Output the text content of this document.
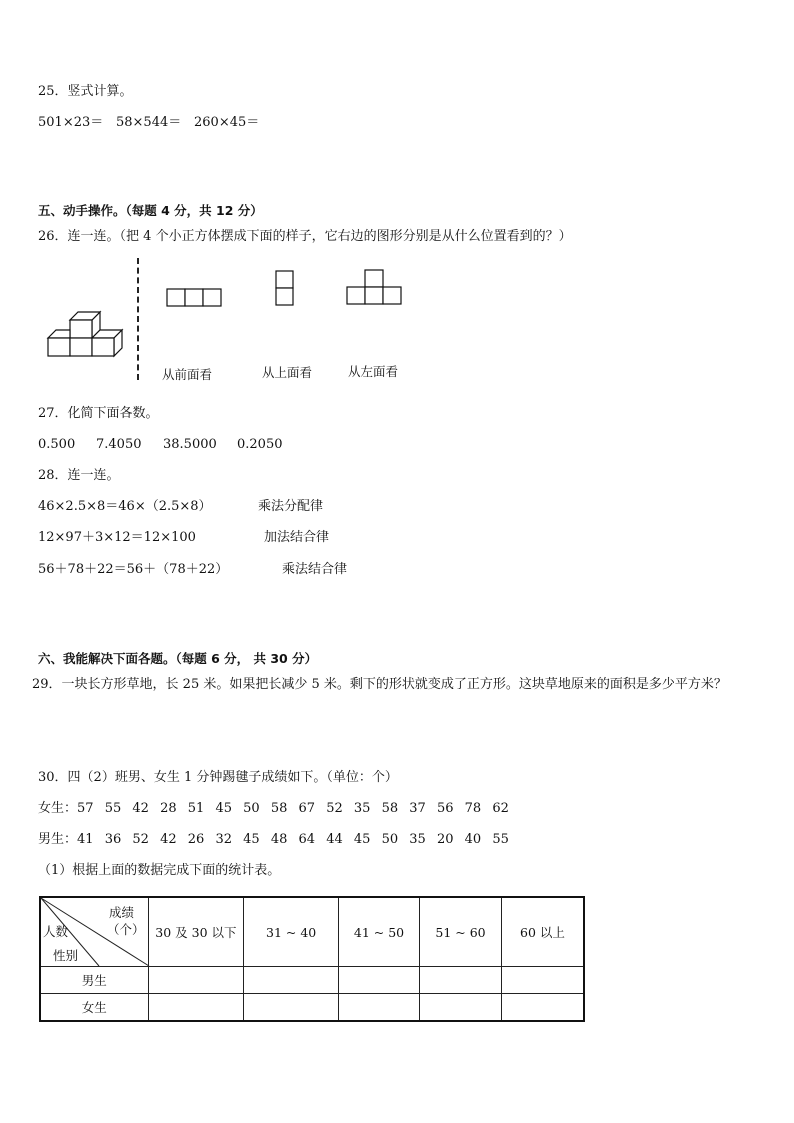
25．竖式计算。
501×23＝ 58×544＝ 260×45＝
五、动手操作。（每题 4 分，共 12 分）
26．连一连。（把 4 个小正方体摆成下面的样子，它右边的图形分别是从什么位置看到的？）
从前面看	从上面看	从左面看
27．化简下面各数。
0.500 7.4050 38.5000 0.2050
28．连一连。
46×2.5×8＝46×（2.5×8）	乘法分配律
12×97＋3×12＝12×100	加法结合律
56＋78＋22＝56＋（78＋22）	乘法结合律
六、我能解决下面各题。（每题 6 分， 共 30 分）
29．一块长方形草地，长 25 米。如果把长减少 5 米。剩下的形状就变成了正方形。这块草地原来的面积是多少平方米？
30．四（2）班男、女生 1 分钟踢毽子成绩如下。（单位：个）
女生：57 55 42 28 51 45 50 58 67 52 35 58 37 56 78 62
男生：41 36 52 42 26 32 45 48 64 44 45 50 35 20 40 55
（1）根据上面的数据完成下面的统计表。
成绩
（个）
人数
性别	30 及 30 以下	31 ~ 40	41 ~ 50	51 ~ 60	60 以上
男生					
女生					
